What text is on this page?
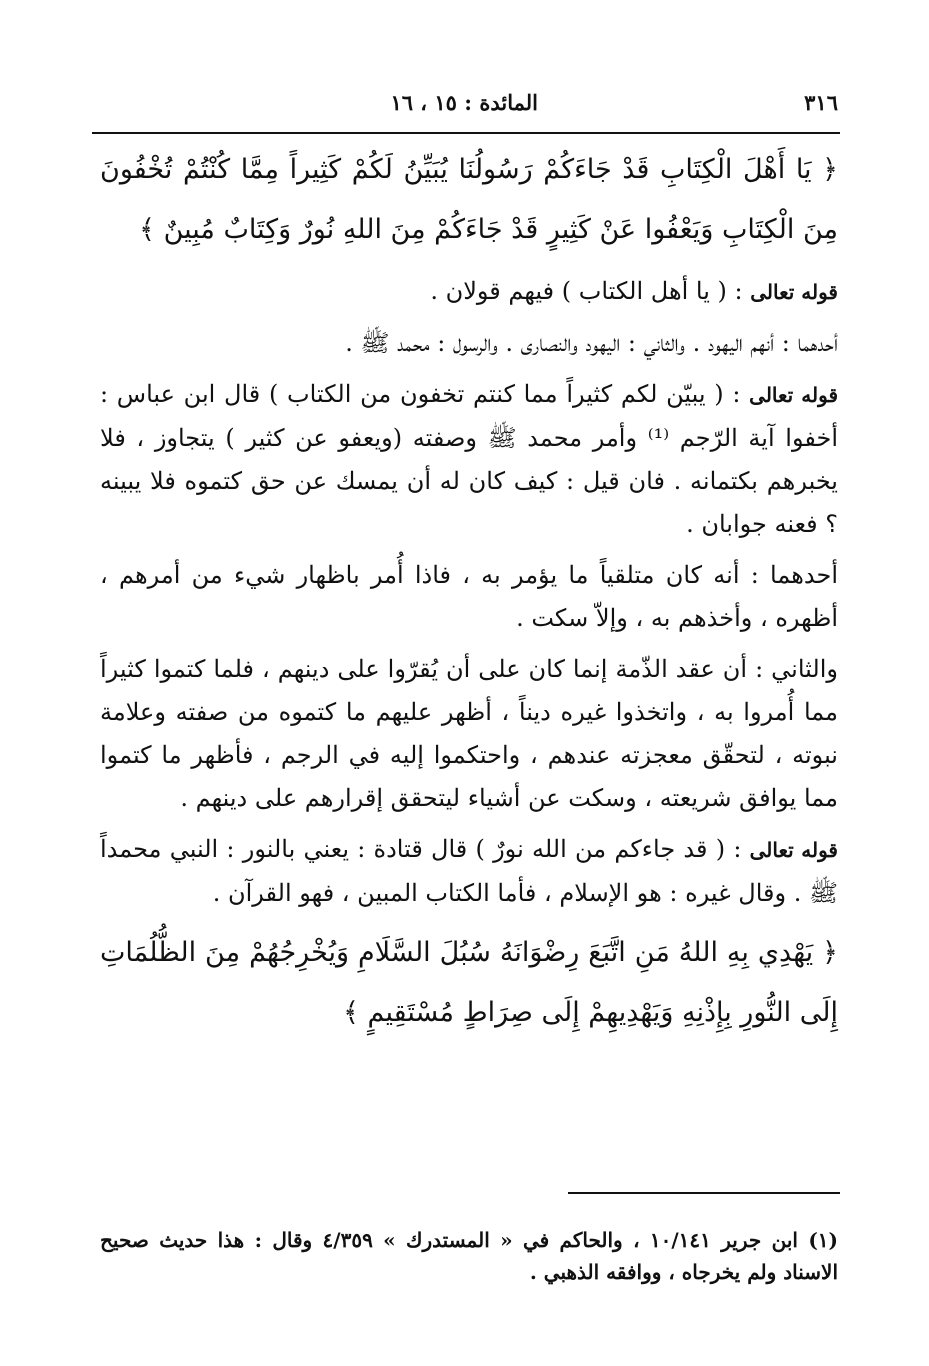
٣١٦
المائدة : ١٥ ، ١٦

﴿ يَا أَهْلَ الْكِتَابِ قَدْ جَاءَكُمْ رَسُولُنَا يُبَيِّنُ لَكُمْ كَثِيراً مِمَّا كُنْتُمْ تُخْفُونَ مِنَ الْكِتَابِ وَيَعْفُوا عَنْ كَثِيرٍ قَدْ جَاءَكُمْ مِنَ اللهِ نُورٌ وَكِتَابٌ مُبِينٌ ﴾

قوله تعالى : ( يا أهل الكتاب ) فيهم قولان .

أحدهما : أنهم اليهود . والثاني : اليهود والنصارى . والرسول : محمد ﷺ .

قوله تعالى : ( يبيّن لكم كثيراً مما كنتم تخفون من الكتاب ) قال ابن عباس : أخفوا آية الرّجم ⁽¹⁾ وأمر محمد ﷺ وصفته (ويعفو عن كثير ) يتجاوز ، فلا يخبرهم بكتمانه . فان قيل : كيف كان له أن يمسك عن حق كتموه فلا يبينه ؟ فعنه جوابان .

أحدهما : أنه كان متلقياً ما يؤمر به ، فاذا أُمر باظهار شيء من أمرهم ، أظهره ، وأخذهم به ، وإلاّ سكت .

والثاني : أن عقد الذّمة إنما كان على أن يُقرّوا على دينهم ، فلما كتموا كثيراً مما أُمروا به ، واتخذوا غيره ديناً ، أظهر عليهم ما كتموه من صفته وعلامة نبوته ، لتحقّق معجزته عندهم ، واحتكموا إليه في الرجم ، فأظهر ما كتموا مما يوافق شريعته ، وسكت عن أشياء ليتحقق إقرارهم على دينهم .

قوله تعالى : ( قد جاءكم من الله نورٌ ) قال قتادة : يعني بالنور : النبي محمداً ﷺ . وقال غيره : هو الإسلام ، فأما الكتاب المبين ، فهو القرآن .

﴿ يَهْدِي بِهِ اللهُ مَنِ اتَّبَعَ رِضْوَانَهُ سُبُلَ السَّلَامِ وَيُخْرِجُهُمْ مِنَ الظُّلُمَاتِ إِلَى النُّورِ بِإِذْنِهِ وَيَهْدِيهِمْ إِلَى صِرَاطٍ مُسْتَقِيمٍ ﴾

(١) ابن جرير ١٠/١٤١ ، والحاكم في « المستدرك » ٤/٣٥٩ وقال : هذا حديث صحيح الاسناد ولم يخرجاه ، ووافقه الذهبي .
